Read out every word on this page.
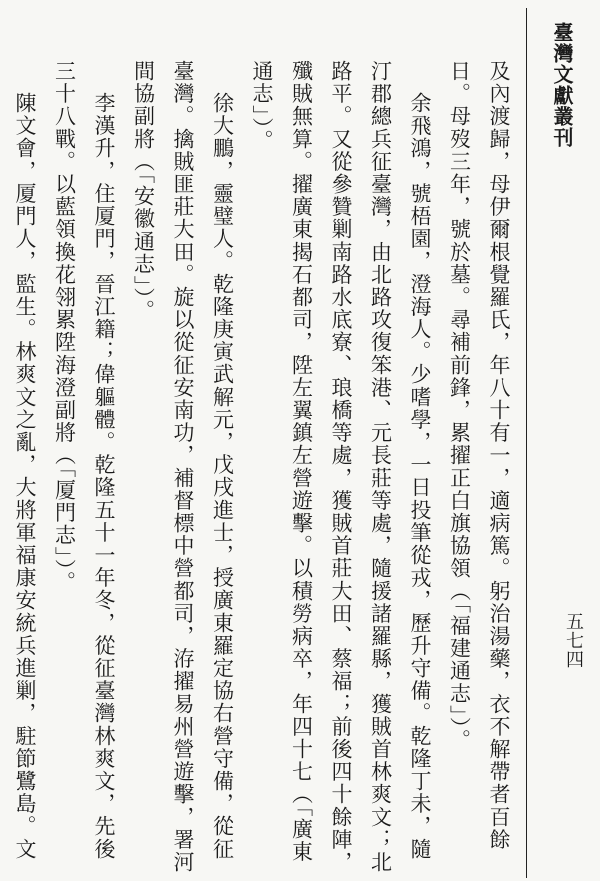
臺灣文獻叢刊
五七四

及內渡歸，母伊爾根覺羅氏，年八十有一，適病篤。躬治湯藥，衣不解帶者百餘日。母歿三年，號於墓。尋補前鋒，累擢正白旗協領（「福建通志」）。

余飛鴻，號梧園，澄海人。少嗜學，一日投筆從戎，歷升守備。乾隆丁未，隨汀郡總兵征臺灣，由北路攻復笨港、元長莊等處，隨援諸羅縣，獲賊首林爽文；北路平。又從參贊剿南路水底寮、琅橋等處，獲賊首莊大田、蔡福；前後四十餘陣，殲賊無算。擢廣東揭石都司，陞左翼鎮左營遊擊。以積勞病卒，年四十七（「廣東通志」）。

徐大鵬，靈璧人。乾隆庚寅武解元，戊戌進士，授廣東羅定協右營守備，從征臺灣。擒賊匪莊大田。旋以從征安南功，補督標中營都司，洊擢易州營遊擊，署河間協副將（「安徽通志」）。

李漢升，住厦門，晉江籍；偉軀體。乾隆五十一年冬，從征臺灣林爽文，先後三十八戰。以藍領換花翎累陞海澄副將（「厦門志」）。

陳文會，厦門人，監生。林爽文之亂，大將軍福康安統兵進剿，駐節鷺島。文
